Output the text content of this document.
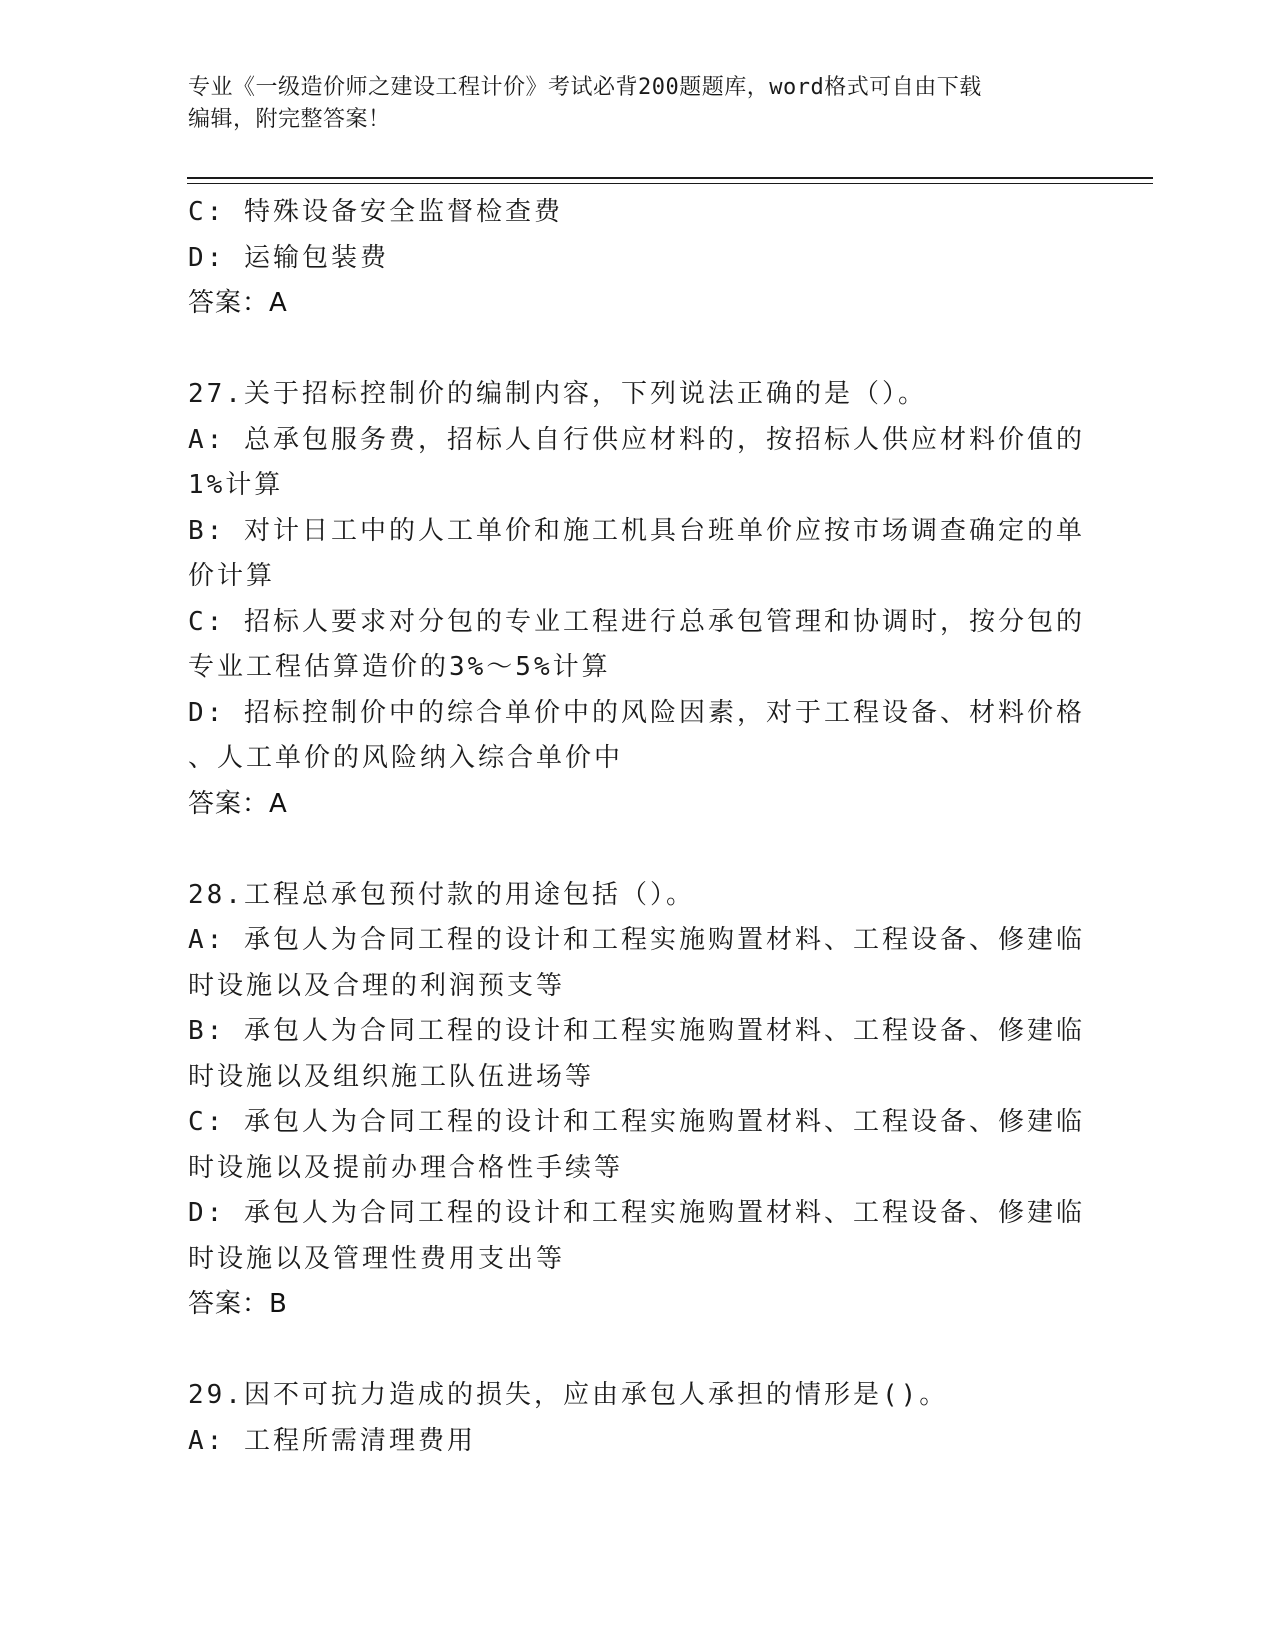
专业《一级造价师之建设工程计价》考试必背200题题库，word格式可自由下载
编辑，附完整答案！
C: 特殊设备安全监督检查费
D: 运输包装费
答案：A
27.关于招标控制价的编制内容，下列说法正确的是（）。
A: 总承包服务费，招标人自行供应材料的，按招标人供应材料价值的
1%计算
B: 对计日工中的人工单价和施工机具台班单价应按市场调查确定的单
价计算
C: 招标人要求对分包的专业工程进行总承包管理和协调时，按分包的
专业工程估算造价的3%～5%计算
D: 招标控制价中的综合单价中的风险因素，对于工程设备、材料价格
、人工单价的风险纳入综合单价中
答案：A
28.工程总承包预付款的用途包括（）。
A: 承包人为合同工程的设计和工程实施购置材料、工程设备、修建临
时设施以及合理的利润预支等
B: 承包人为合同工程的设计和工程实施购置材料、工程设备、修建临
时设施以及组织施工队伍进场等
C: 承包人为合同工程的设计和工程实施购置材料、工程设备、修建临
时设施以及提前办理合格性手续等
D: 承包人为合同工程的设计和工程实施购置材料、工程设备、修建临
时设施以及管理性费用支出等
答案：B
29.因不可抗力造成的损失，应由承包人承担的情形是()。
A: 工程所需清理费用
